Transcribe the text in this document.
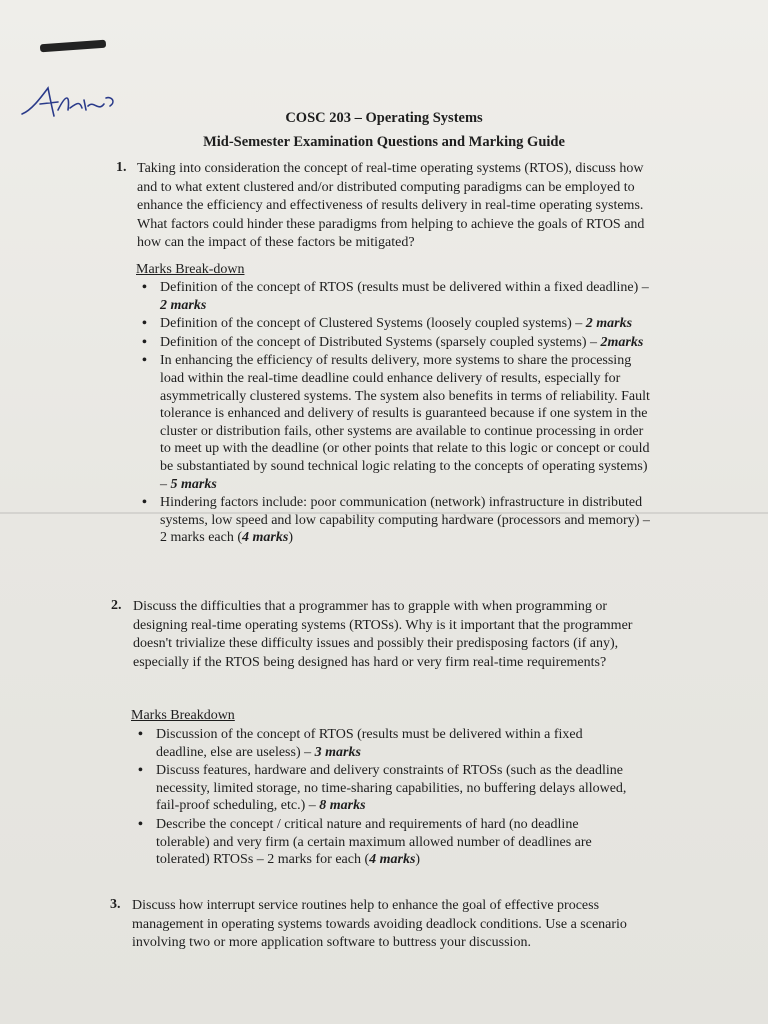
COSC 203 – Operating Systems
Mid-Semester Examination Questions and Marking Guide
1. Taking into consideration the concept of real-time operating systems (RTOS), discuss how and to what extent clustered and/or distributed computing paradigms can be employed to enhance the efficiency and effectiveness of results delivery in real-time operating systems. What factors could hinder these paradigms from helping to achieve the goals of RTOS and how can the impact of these factors be mitigated?
Marks Break-down
• Definition of the concept of RTOS (results must be delivered within a fixed deadline) – 2 marks
• Definition of the concept of Clustered Systems (loosely coupled systems) – 2 marks
• Definition of the concept of Distributed Systems (sparsely coupled systems) – 2marks
• In enhancing the efficiency of results delivery, more systems to share the processing load within the real-time deadline could enhance delivery of results, especially for asymmetrically clustered systems. The system also benefits in terms of reliability. Fault tolerance is enhanced and delivery of results is guaranteed because if one system in the cluster or distribution fails, other systems are available to continue processing in order to meet up with the deadline (or other points that relate to this logic or concept or could be substantiated by sound technical logic relating to the concepts of operating systems) – 5 marks
• Hindering factors include: poor communication (network) infrastructure in distributed systems, low speed and low capability computing hardware (processors and memory) – 2 marks each (4 marks)
2. Discuss the difficulties that a programmer has to grapple with when programming or designing real-time operating systems (RTOSs). Why is it important that the programmer doesn't trivialize these difficulty issues and possibly their predisposing factors (if any), especially if the RTOS being designed has hard or very firm real-time requirements?
Marks Breakdown
• Discussion of the concept of RTOS (results must be delivered within a fixed deadline, else are useless) – 3 marks
• Discuss features, hardware and delivery constraints of RTOSs (such as the deadline necessity, limited storage, no time-sharing capabilities, no buffering delays allowed, fail-proof scheduling, etc.) – 8 marks
• Describe the concept / critical nature and requirements of hard (no deadline tolerable) and very firm (a certain maximum allowed number of deadlines are tolerated) RTOSs – 2 marks for each (4 marks)
3. Discuss how interrupt service routines help to enhance the goal of effective process management in operating systems towards avoiding deadlock conditions. Use a scenario involving two or more application software to buttress your discussion.
